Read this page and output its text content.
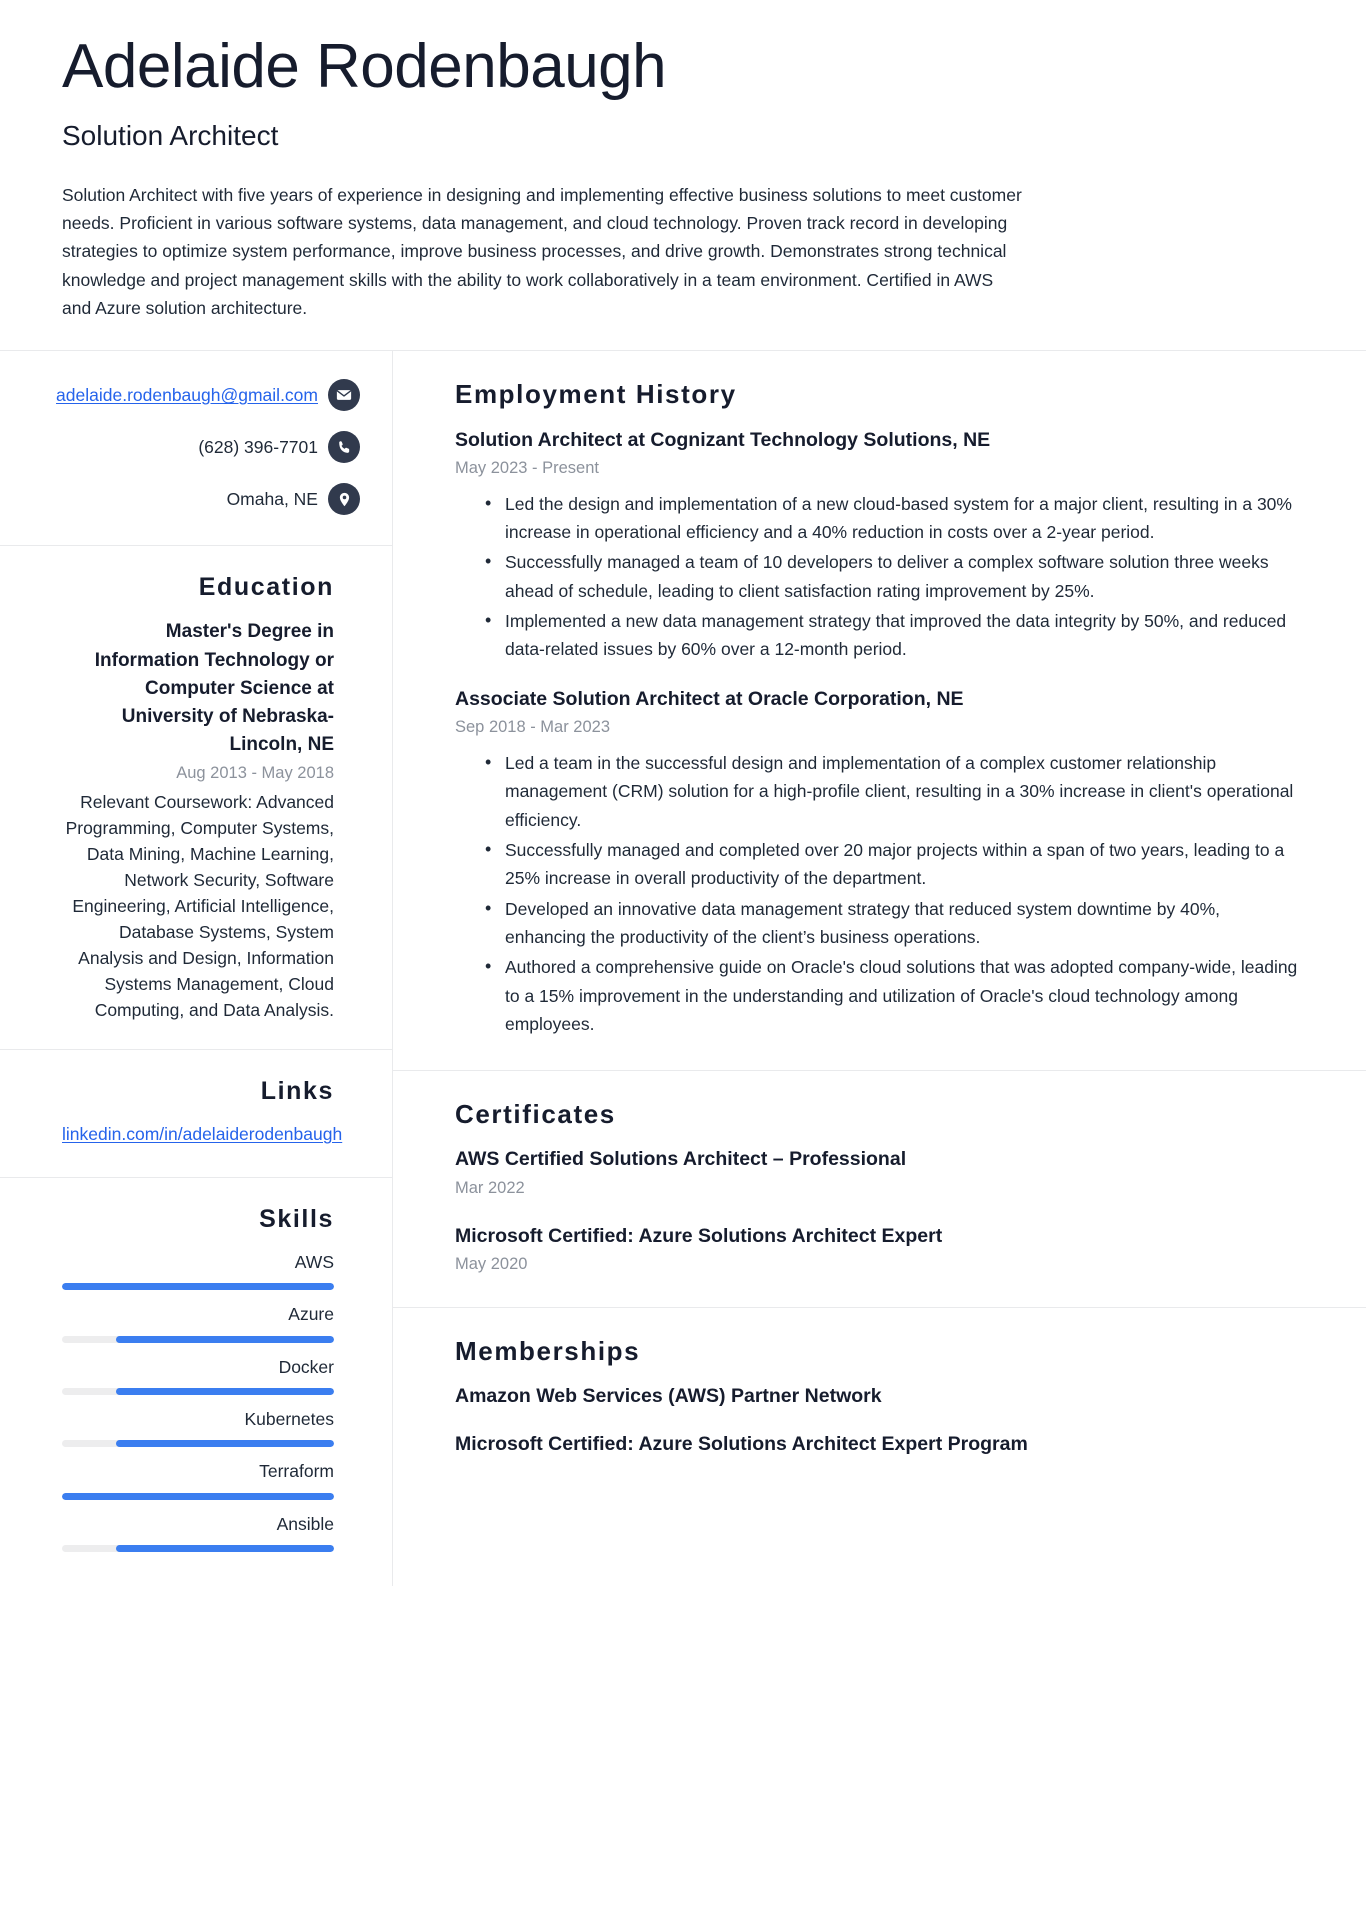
Adelaide Rodenbaugh
Solution Architect

Solution Architect with five years of experience in designing and implementing effective business solutions to meet customer needs. Proficient in various software systems, data management, and cloud technology. Proven track record in developing strategies to optimize system performance, improve business processes, and drive growth. Demonstrates strong technical knowledge and project management skills with the ability to work collaboratively in a team environment. Certified in AWS and Azure solution architecture.

adelaide.rodenbaugh@gmail.com
(628) 396-7701
Omaha, NE
Education
Master's Degree in Information Technology or Computer Science at University of Nebraska-Lincoln, NE
Aug 2013 - May 2018
Relevant Coursework: Advanced Programming, Computer Systems, Data Mining, Machine Learning, Network Security, Software Engineering, Artificial Intelligence, Database Systems, System Analysis and Design, Information Systems Management, Cloud Computing, and Data Analysis.
Links
linkedin.com/in/adelaiderodenbaugh
Skills
AWS
Azure
Docker
Kubernetes
Terraform
Ansible
Employment History
Solution Architect at Cognizant Technology Solutions, NE
May 2023 - Present
• Led the design and implementation of a new cloud-based system for a major client, resulting in a 30% increase in operational efficiency and a 40% reduction in costs over a 2-year period.
• Successfully managed a team of 10 developers to deliver a complex software solution three weeks ahead of schedule, leading to client satisfaction rating improvement by 25%.
• Implemented a new data management strategy that improved the data integrity by 50%, and reduced data-related issues by 60% over a 12-month period.
Associate Solution Architect at Oracle Corporation, NE
Sep 2018 - Mar 2023
• Led a team in the successful design and implementation of a complex customer relationship management (CRM) solution for a high-profile client, resulting in a 30% increase in client's operational efficiency.
• Successfully managed and completed over 20 major projects within a span of two years, leading to a 25% increase in overall productivity of the department.
• Developed an innovative data management strategy that reduced system downtime by 40%, enhancing the productivity of the client’s business operations.
• Authored a comprehensive guide on Oracle's cloud solutions that was adopted company-wide, leading to a 15% improvement in the understanding and utilization of Oracle's cloud technology among employees.
Certificates
AWS Certified Solutions Architect – Professional
Mar 2022
Microsoft Certified: Azure Solutions Architect Expert
May 2020
Memberships
Amazon Web Services (AWS) Partner Network
Microsoft Certified: Azure Solutions Architect Expert Program
